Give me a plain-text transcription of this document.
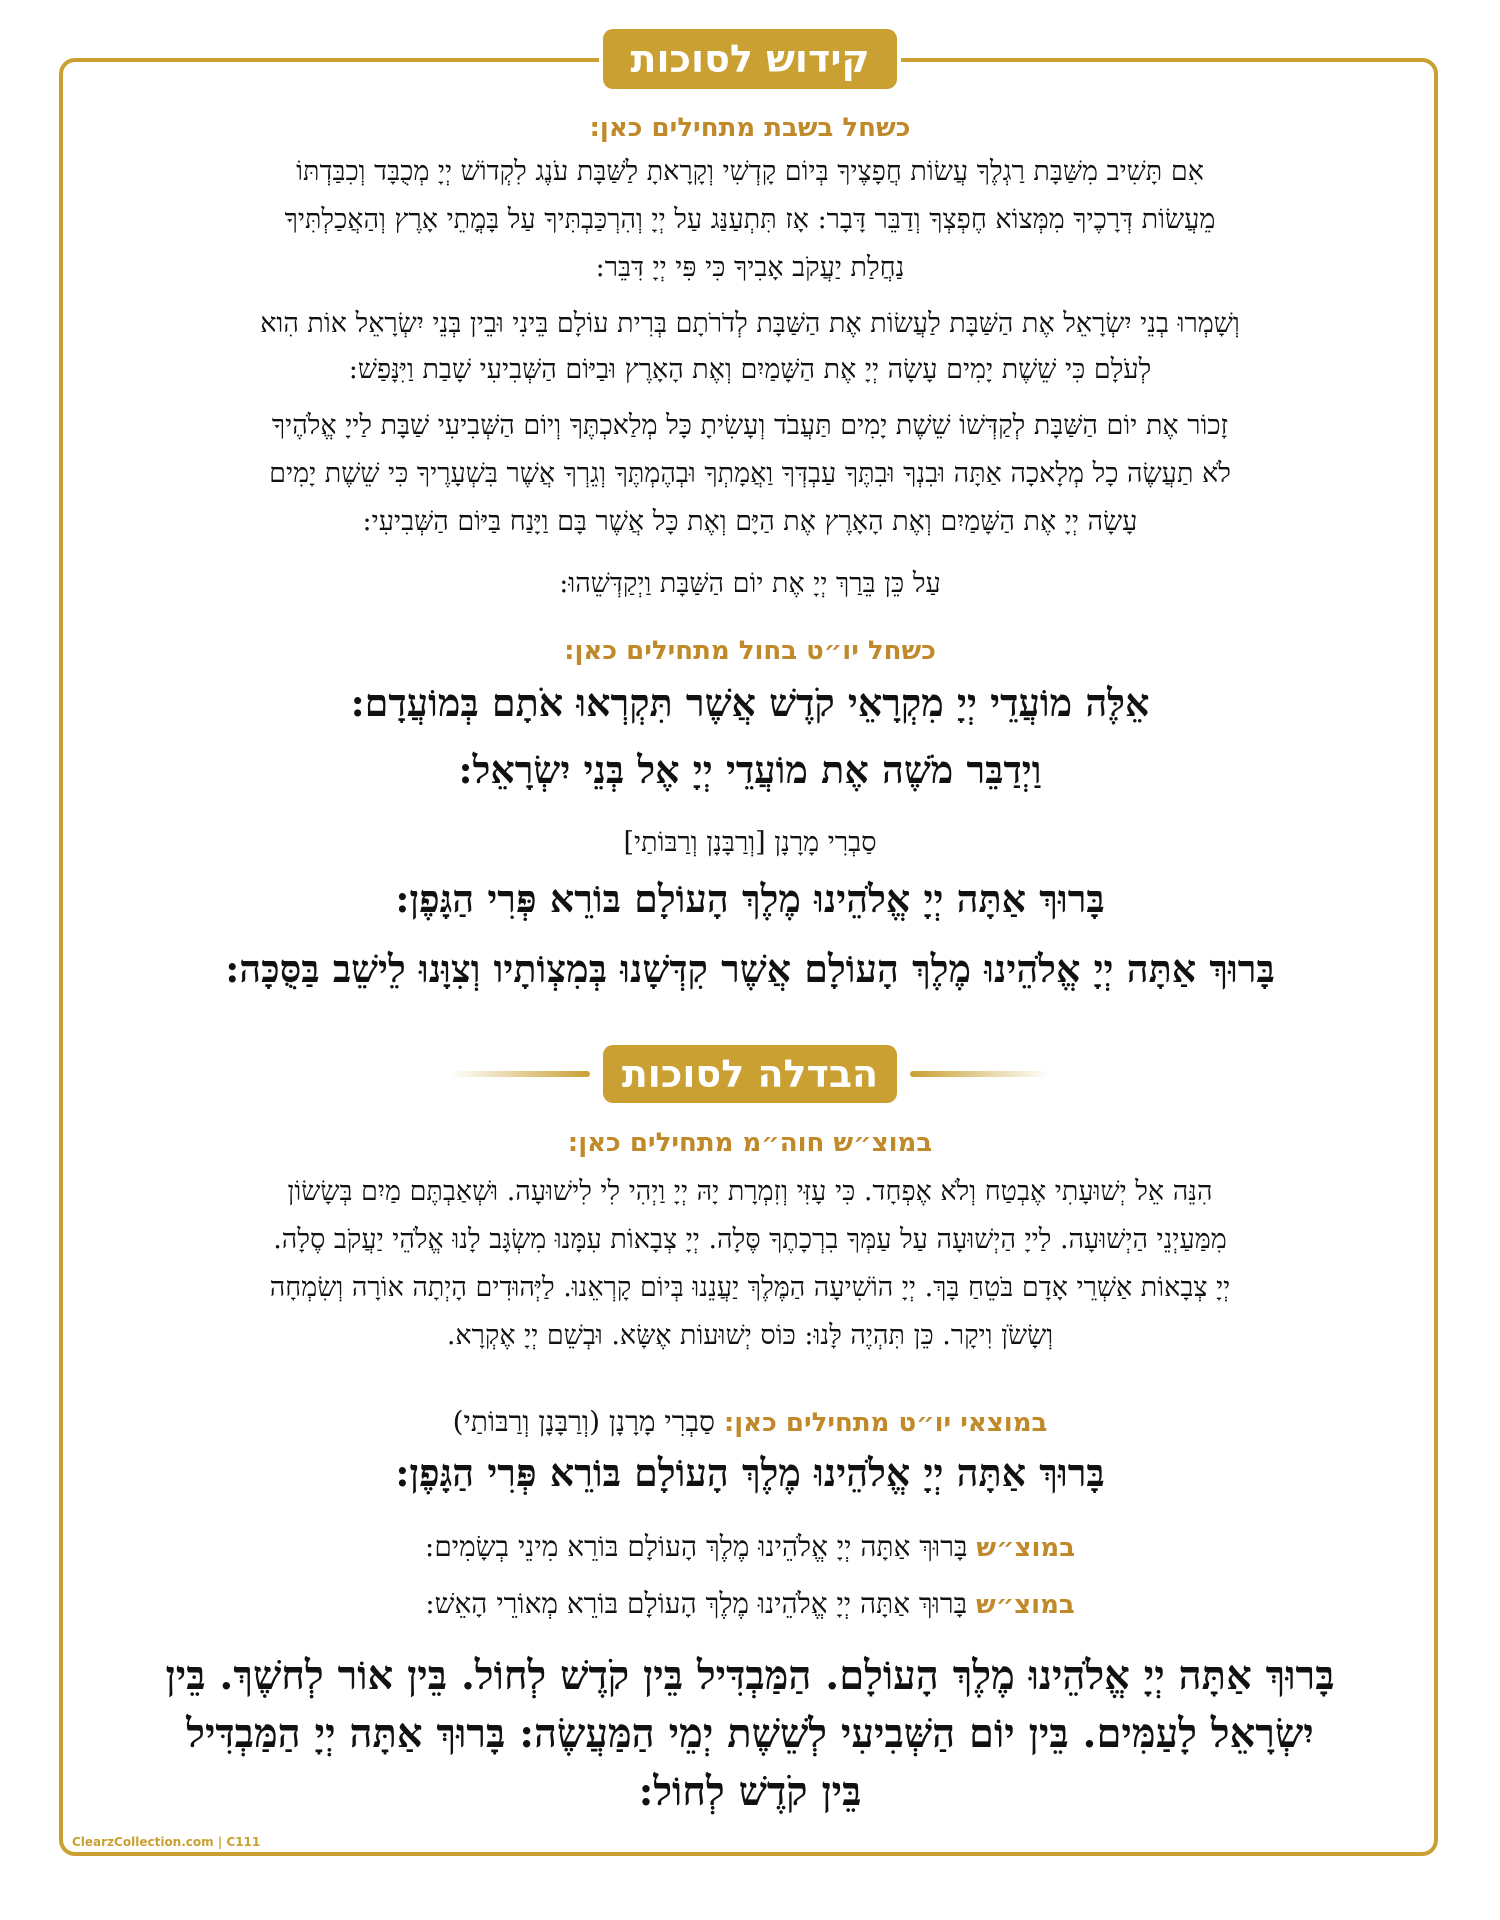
קידוש לסוכות
כשחל בשבת מתחילים כאן:
אִם תָּשִׁיב מִשַּׁבָּת רַגְלֶךָ עֲשׂוֹת חֲפָצֶיךָ בְּיוֹם קָדְשִׁי וְקָרָאתָ לַשַּׁבָּת עֹנֶג לִקְדוֹשׁ יְיָ מְכֻבָּד וְכִבַּדְתּוֹ
מֵעֲשׂוֹת דְּרָכֶיךָ מִמְּצוֹא חֶפְצְךָ וְדַבֵּר דָּבָר: אָז תִּתְעַנַּג עַל יְיָ וְהִרְכַּבְתִּיךָ עַל בָּמֳתֵי אָרֶץ וְהַאֲכַלְתִּיךָ
נַחֲלַת יַעֲקֹב אָבִיךָ כִּי פִּי יְיָ דִּבֵּר:
וְשָׁמְרוּ בְנֵי יִשְׂרָאֵל אֶת הַשַּׁבָּת לַעֲשׂוֹת אֶת הַשַּׁבָּת לְדֹרֹתָם בְּרִית עוֹלָם בֵּינִי וּבֵין בְּנֵי יִשְׂרָאֵל אוֹת הִוא
לְעֹלָם כִּי שֵׁשֶׁת יָמִים עָשָׂה יְיָ אֶת הַשָּׁמַיִם וְאֶת הָאָרֶץ וּבַיּוֹם הַשְּׁבִיעִי שָׁבַת וַיִּנָּפַשׁ:
זָכוֹר אֶת יוֹם הַשַּׁבָּת לְקַדְּשׁוֹ שֵׁשֶׁת יָמִים תַּעֲבֹד וְעָשִׂיתָ כָּל מְלַאכְתֶּךָ וְיוֹם הַשְּׁבִיעִי שַׁבָּת לַייָ אֱלֹהֶיךָ
לֹא תַעֲשֶׂה כָל מְלָאכָה אַתָּה וּבִנְךָ וּבִתֶּךָ עַבְדְּךָ וַאֲמָתְךָ וּבְהֶמְתֶּךָ וְגֵרְךָ אֲשֶׁר בִּשְׁעָרֶיךָ כִּי שֵׁשֶׁת יָמִים
עָשָׂה יְיָ אֶת הַשָּׁמַיִם וְאֶת הָאָרֶץ אֶת הַיָּם וְאֶת כָּל אֲשֶׁר בָּם וַיָּנַח בַּיּוֹם הַשְּׁבִיעִי:
עַל כֵּן בֵּרַךְ יְיָ אֶת יוֹם הַשַּׁבָּת וַיְקַדְּשֵׁהוּ:
כשחל יו״ט בחול מתחילים כאן:
אֵלֶּה מוֹעֲדֵי יְיָ מִקְרָאֵי קֹדֶשׁ אֲשֶׁר תִּקְרְאוּ אֹתָם בְּמוֹעֲדָם:
וַיְדַבֵּר מֹשֶׁה אֶת מוֹעֲדֵי יְיָ אֶל בְּנֵי יִשְׂרָאֵל:
סַבְרִי מָרָנָן [וְרַבָּנָן וְרַבּוֹתַי]
בָּרוּךְ אַתָּה יְיָ אֱלֹהֵינוּ מֶלֶךְ הָעוֹלָם בּוֹרֵא פְּרִי הַגָּפֶן:
בָּרוּךְ אַתָּה יְיָ אֱלֹהֵינוּ מֶלֶךְ הָעוֹלָם אֲשֶׁר קִדְּשָׁנוּ בְּמִצְוֹתָיו וְצִוָּנוּ לֵישֵׁב בַּסֻּכָּה:
הבדלה לסוכות
במוצ״ש חוה״מ מתחילים כאן:
הִנֵּה אֵל יְשׁוּעָתִי אֶבְטַח וְלֹא אֶפְחָד. כִּי עָזִּי וְזִמְרָת יָהּ יְיָ וַיְהִי לִי לִישׁוּעָה. וּשְׁאַבְתֶּם מַיִם בְּשָׂשׂוֹן
מִמַּעַיְנֵי הַיְשׁוּעָה. לַייָ הַיְשׁוּעָה עַל עַמְּךָ בִרְכָתֶךָ סֶּלָה. יְיָ צְבָאוֹת עִמָּנוּ מִשְׂגָּב לָנוּ אֱלֹהֵי יַעֲקֹב סֶלָה.
יְיָ צְבָאוֹת אַשְׁרֵי אָדָם בֹּטֵחַ בָּךְ. יְיָ הוֹשִׁיעָה הַמֶּלֶךְ יַעֲנֵנוּ בְּיוֹם קָרְאֵנוּ. לַיְּהוּדִים הָיְתָה אוֹרָה וְשִׂמְחָה
וְשָׂשֹׂן וִיקָר. כֵּן תִּהְיֶה לָּנוּ: כּוֹס יְשׁוּעוֹת אֶשָּׂא. וּבְשֵׁם יְיָ אֶקְרָא.
במוצאי יו״ט מתחילים כאן: סַבְרִי מָרָנָן (וְרַבָּנָן וְרַבּוֹתַי)
בָּרוּךְ אַתָּה יְיָ אֱלֹהֵינוּ מֶלֶךְ הָעוֹלָם בּוֹרֵא פְּרִי הַגָּפֶן:
במוצ״ש בָּרוּךְ אַתָּה יְיָ אֱלֹהֵינוּ מֶלֶךְ הָעוֹלָם בּוֹרֵא מִינֵי בְשָׂמִים:
במוצ״ש בָּרוּךְ אַתָּה יְיָ אֱלֹהֵינוּ מֶלֶךְ הָעוֹלָם בּוֹרֵא מְאוֹרֵי הָאֵשׁ:
בָּרוּךְ אַתָּה יְיָ אֱלֹהֵינוּ מֶלֶךְ הָעוֹלָם. הַמַּבְדִּיל בֵּין קֹדֶשׁ לְחוֹל. בֵּין אוֹר לְחשֶׁךְ. בֵּין
יִשְׂרָאֵל לָעַמִּים. בֵּין יוֹם הַשְּׁבִיעִי לְשֵׁשֶׁת יְמֵי הַמַּעֲשֶׂה: בָּרוּךְ אַתָּה יְיָ הַמַּבְדִּיל
בֵּין קֹדֶשׁ לְחוֹל:
ClearzCollection.com | C111
